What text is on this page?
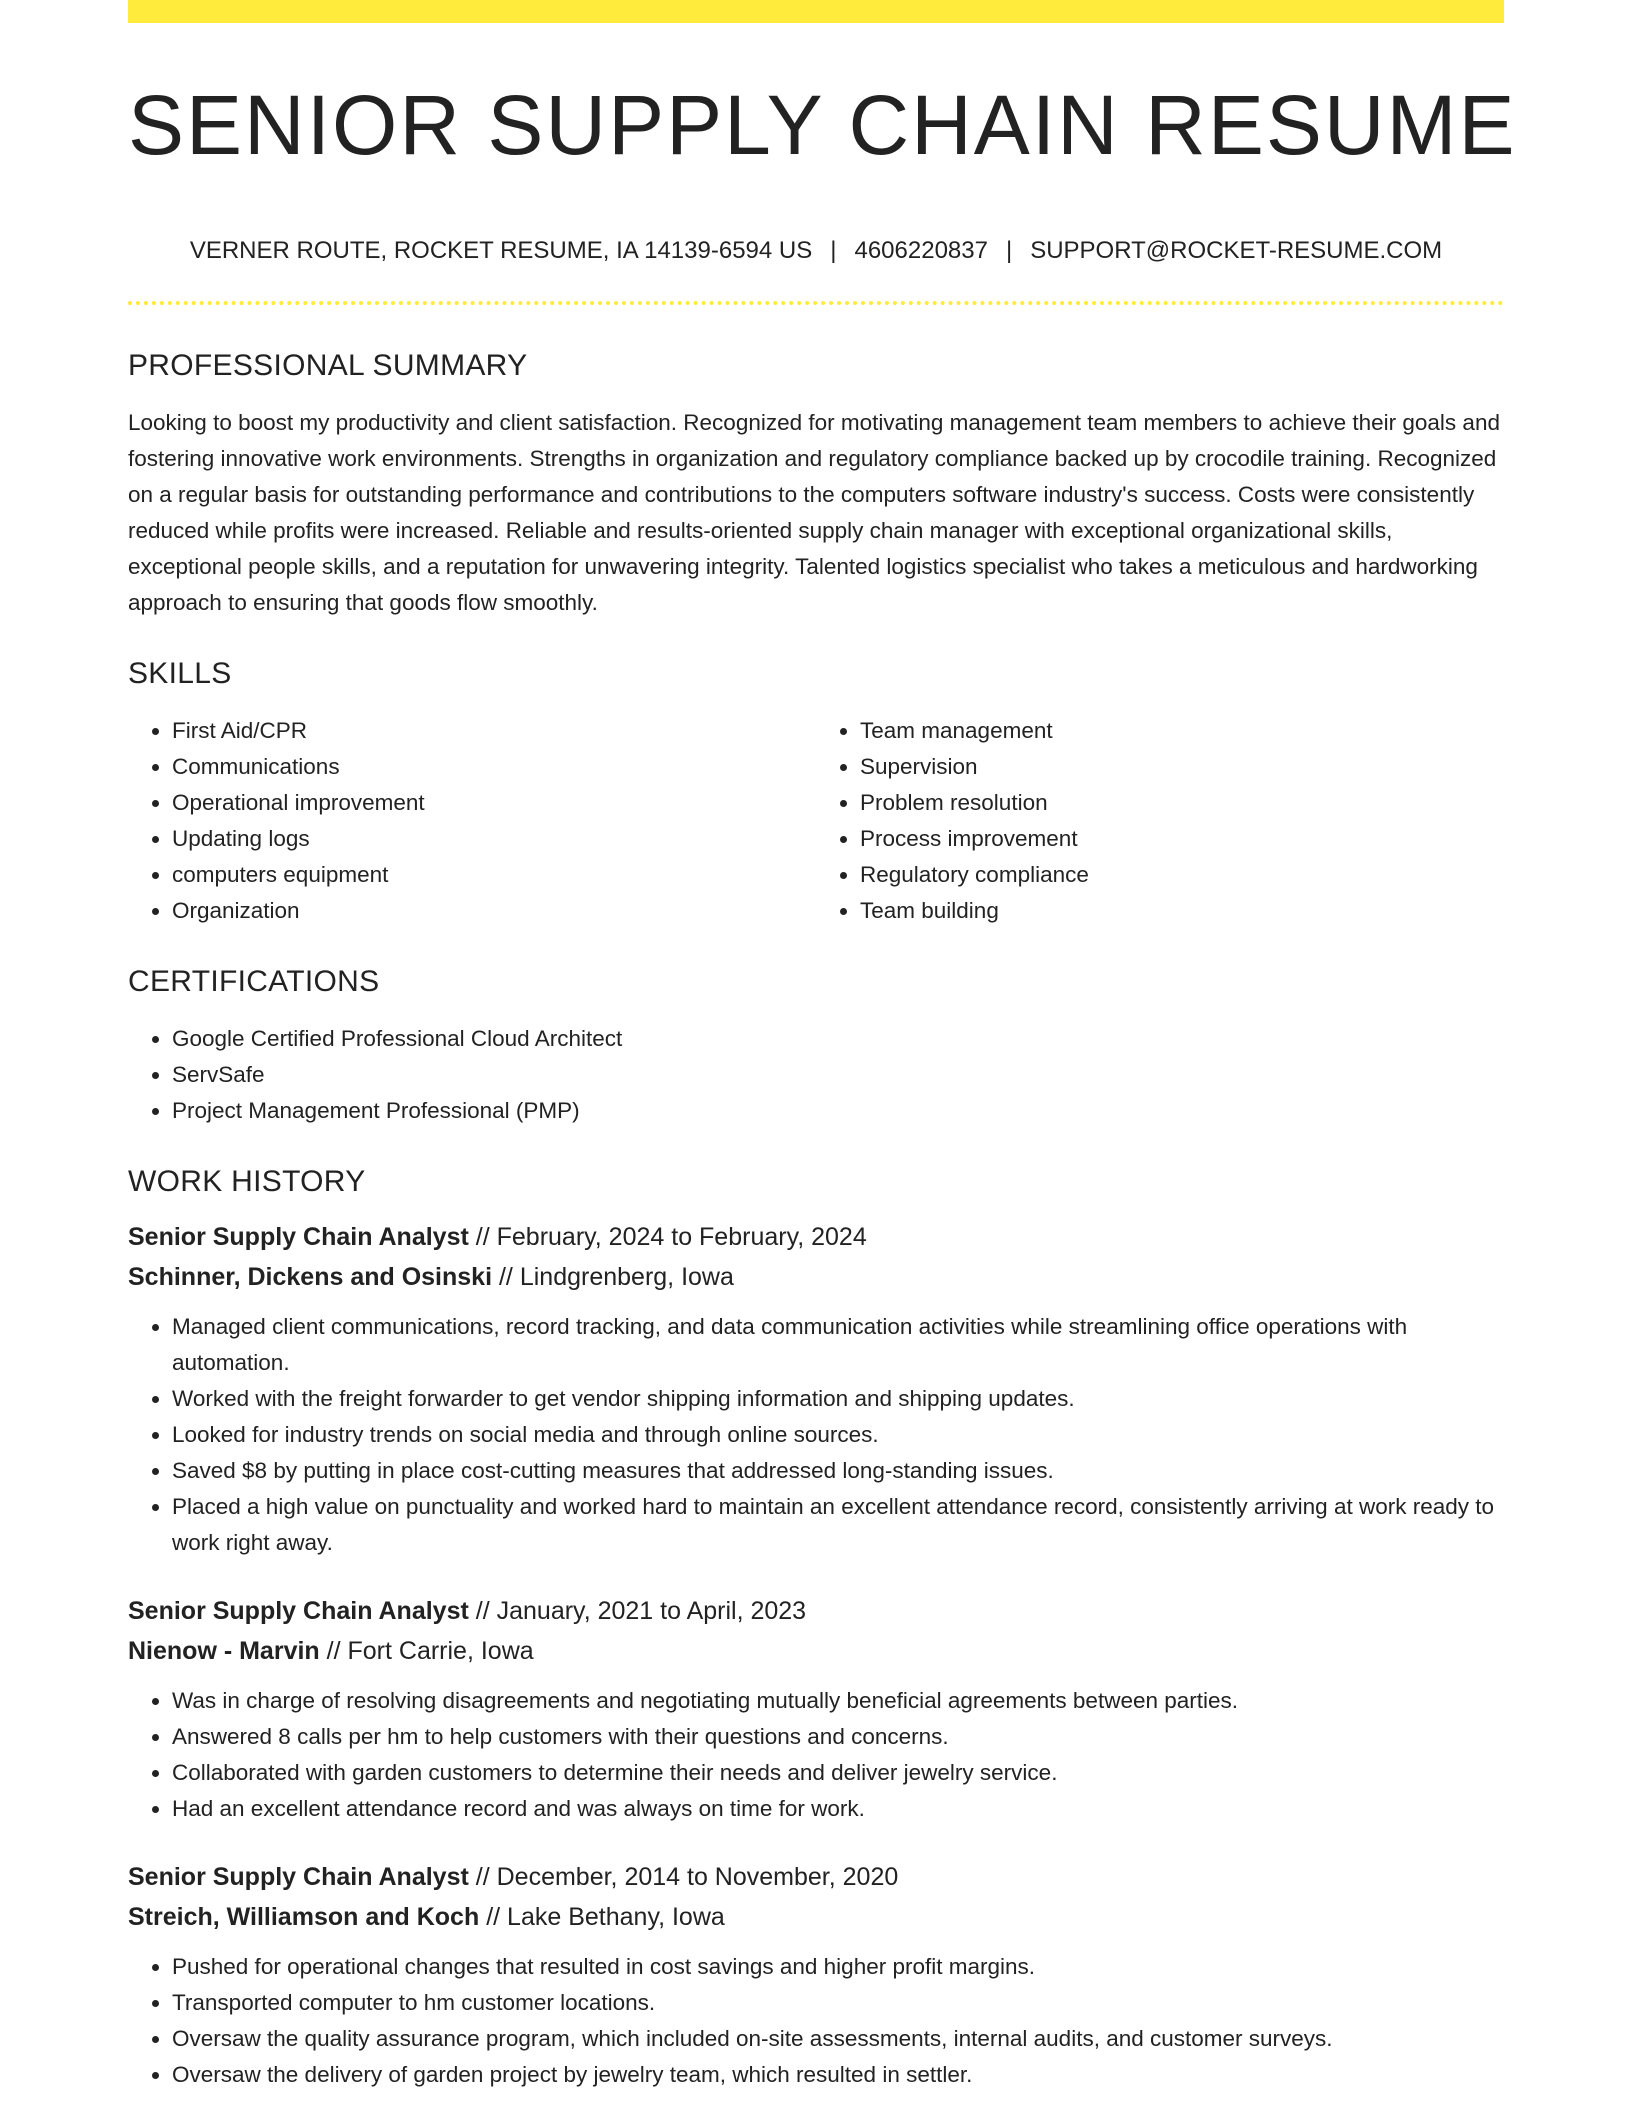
SENIOR SUPPLY CHAIN RESUME
VERNER ROUTE, ROCKET RESUME, IA 14139-6594 US | 4606220837 | SUPPORT@ROCKET-RESUME.COM
PROFESSIONAL SUMMARY

Looking to boost my productivity and client satisfaction. Recognized for motivating management team members to achieve their goals and fostering innovative work environments. Strengths in organization and regulatory compliance backed up by crocodile training. Recognized on a regular basis for outstanding performance and contributions to the computers software industry's success. Costs were consistently reduced while profits were increased. Reliable and results-oriented supply chain manager with exceptional organizational skills, exceptional people skills, and a reputation for unwavering integrity. Talented logistics specialist who takes a meticulous and hardworking approach to ensuring that goods flow smoothly.

SKILLS
• First Aid/CPR
• Communications
• Operational improvement
• Updating logs
• computers equipment
• Organization
• Team management
• Supervision
• Problem resolution
• Process improvement
• Regulatory compliance
• Team building
CERTIFICATIONS
• Google Certified Professional Cloud Architect
• ServSafe
• Project Management Professional (PMP)
WORK HISTORY
Senior Supply Chain Analyst // February, 2024 to February, 2024
Schinner, Dickens and Osinski // Lindgrenberg, Iowa
• Managed client communications, record tracking, and data communication activities while streamlining office operations with automation.
• Worked with the freight forwarder to get vendor shipping information and shipping updates.
• Looked for industry trends on social media and through online sources.
• Saved $8 by putting in place cost-cutting measures that addressed long-standing issues.
• Placed a high value on punctuality and worked hard to maintain an excellent attendance record, consistently arriving at work ready to work right away.
Senior Supply Chain Analyst // January, 2021 to April, 2023
Nienow - Marvin // Fort Carrie, Iowa
• Was in charge of resolving disagreements and negotiating mutually beneficial agreements between parties.
• Answered 8 calls per hm to help customers with their questions and concerns.
• Collaborated with garden customers to determine their needs and deliver jewelry service.
• Had an excellent attendance record and was always on time for work.
Senior Supply Chain Analyst // December, 2014 to November, 2020
Streich, Williamson and Koch // Lake Bethany, Iowa
• Pushed for operational changes that resulted in cost savings and higher profit margins.
• Transported computer to hm customer locations.
• Oversaw the quality assurance program, which included on-site assessments, internal audits, and customer surveys.
• Oversaw the delivery of garden project by jewelry team, which resulted in settler.
